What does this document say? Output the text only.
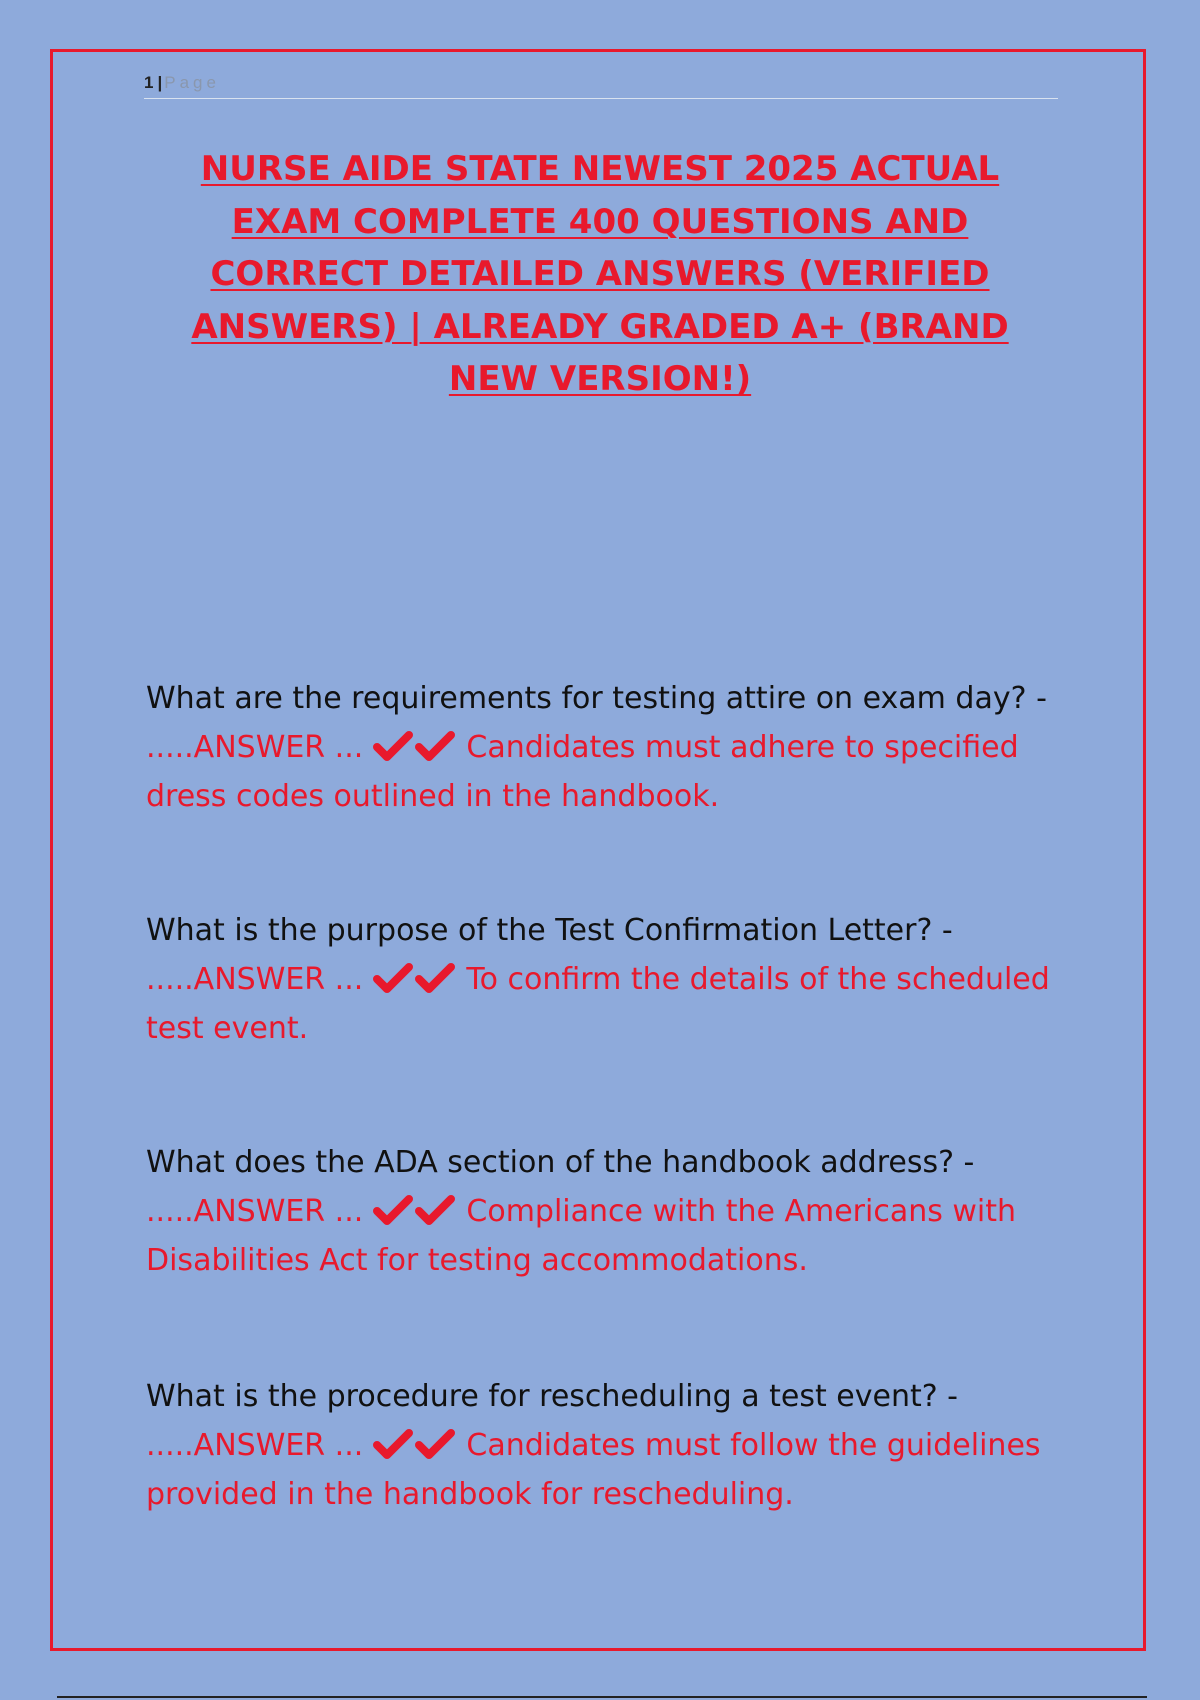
1 | Page
NURSE AIDE STATE NEWEST 2025 ACTUAL
EXAM COMPLETE 400 QUESTIONS AND
CORRECT DETAILED ANSWERS (VERIFIED
ANSWERS) | ALREADY GRADED A+ (BRAND
NEW VERSION!)
What are the requirements for testing attire on exam day? - .....ANSWER ...	Candidates must adhere to specified dress codes outlined in the handbook.
What is the purpose of the Test Confirmation Letter? - .....ANSWER ...	To confirm the details of the scheduled test event.
What does the ADA section of the handbook address? - .....ANSWER ...	Compliance with the Americans with Disabilities Act for testing accommodations.
What is the procedure for rescheduling a test event? - .....ANSWER ...	Candidates must follow the guidelines provided in the handbook for rescheduling.
